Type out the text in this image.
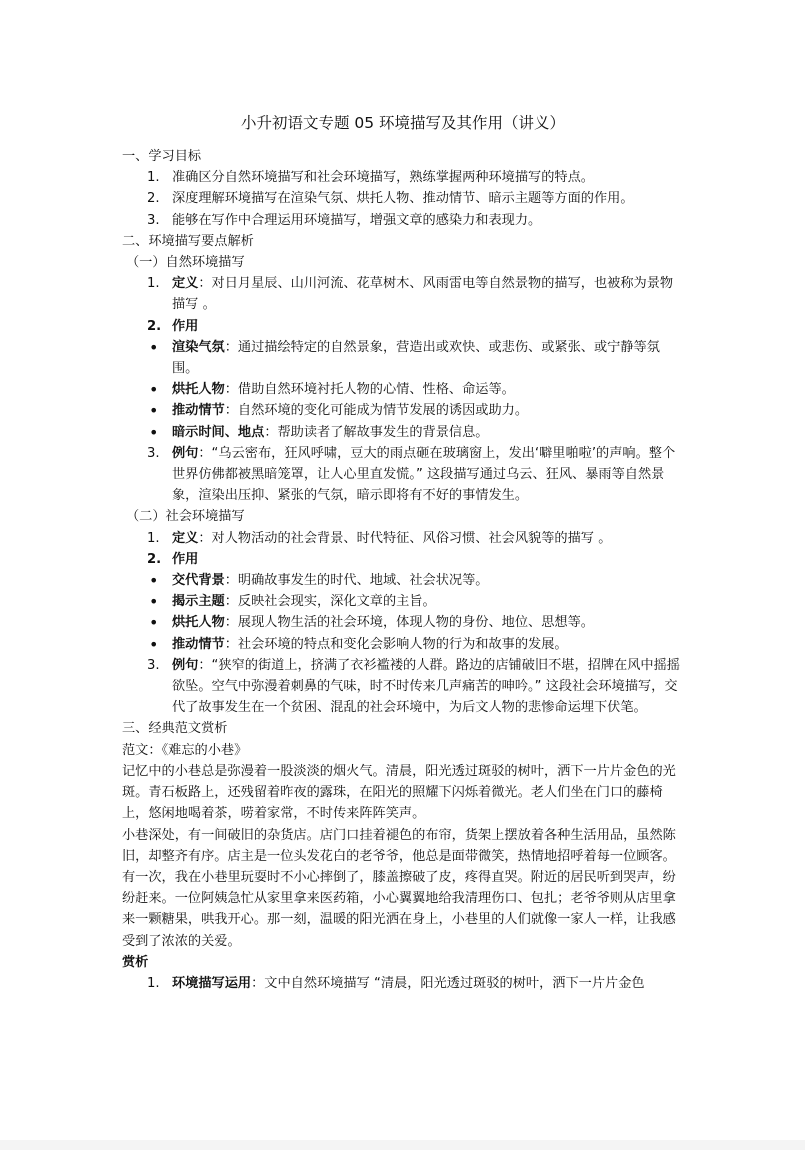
小升初语文专题 05 环境描写及其作用（讲义）

一、学习目标

1. 准确区分自然环境描写和社会环境描写，熟练掌握两种环境描写的特点。
2. 深度理解环境描写在渲染气氛、烘托人物、推动情节、暗示主题等方面的作用。
3. 能够在写作中合理运用环境描写，增强文章的感染力和表现力。

二、环境描写要点解析

（一）自然环境描写

1. 定义：对日月星辰、山川河流、花草树木、风雨雷电等自然景物的描写，也被称为景物描写 。
2. 作用
• 渲染气氛：通过描绘特定的自然景象，营造出或欢快、或悲伤、或紧张、或宁静等氛围。
• 烘托人物：借助自然环境衬托人物的心情、性格、命运等。
• 推动情节：自然环境的变化可能成为情节发展的诱因或助力。
• 暗示时间、地点：帮助读者了解故事发生的背景信息。
3. 例句：“乌云密布，狂风呼啸，豆大的雨点砸在玻璃窗上，发出‘噼里啪啦’的声响。整个世界仿佛都被黑暗笼罩，让人心里直发慌。” 这段描写通过乌云、狂风、暴雨等自然景象，渲染出压抑、紧张的气氛，暗示即将有不好的事情发生。

（二）社会环境描写

1. 定义：对人物活动的社会背景、时代特征、风俗习惯、社会风貌等的描写 。
2. 作用
• 交代背景：明确故事发生的时代、地域、社会状况等。
• 揭示主题：反映社会现实，深化文章的主旨。
• 烘托人物：展现人物生活的社会环境，体现人物的身份、地位、思想等。
• 推动情节：社会环境的特点和变化会影响人物的行为和故事的发展。
3. 例句：“狭窄的街道上，挤满了衣衫褴褛的人群。路边的店铺破旧不堪，招牌在风中摇摇欲坠。空气中弥漫着刺鼻的气味，时不时传来几声痛苦的呻吟。” 这段社会环境描写，交代了故事发生在一个贫困、混乱的社会环境中，为后文人物的悲惨命运埋下伏笔。

三、经典范文赏析

范文：《难忘的小巷》

记忆中的小巷总是弥漫着一股淡淡的烟火气。清晨，阳光透过斑驳的树叶，洒下一片片金色的光斑。青石板路上，还残留着昨夜的露珠，在阳光的照耀下闪烁着微光。老人们坐在门口的藤椅上，悠闲地喝着茶，唠着家常，不时传来阵阵笑声。

小巷深处，有一间破旧的杂货店。店门口挂着褪色的布帘，货架上摆放着各种生活用品，虽然陈旧，却整齐有序。店主是一位头发花白的老爷爷，他总是面带微笑，热情地招呼着每一位顾客。

有一次，我在小巷里玩耍时不小心摔倒了，膝盖擦破了皮，疼得直哭。附近的居民听到哭声，纷纷赶来。一位阿姨急忙从家里拿来医药箱，小心翼翼地给我清理伤口、包扎；老爷爷则从店里拿来一颗糖果，哄我开心。那一刻，温暖的阳光洒在身上，小巷里的人们就像一家人一样，让我感受到了浓浓的关爱。

赏析

1. 环境描写运用：文中自然环境描写 “清晨，阳光透过斑驳的树叶，洒下一片片金色
